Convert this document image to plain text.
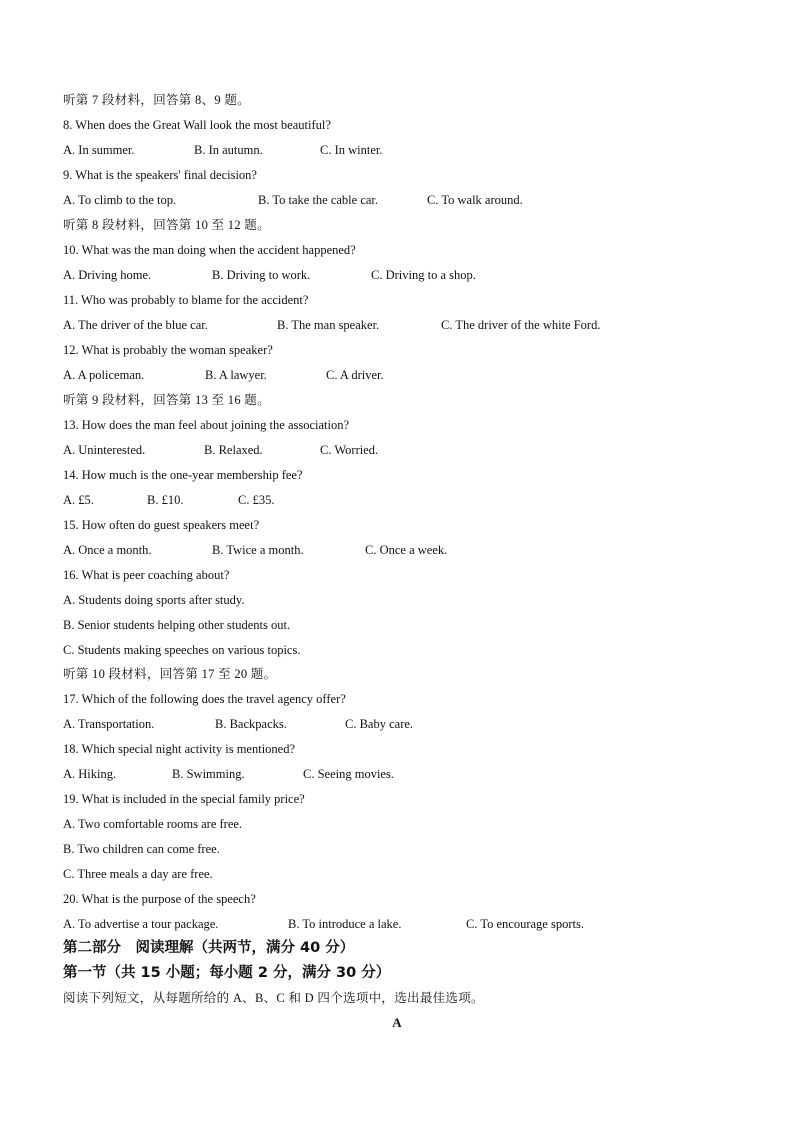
听第 7 段材料，回答第 8、9 题。
8. When does the Great Wall look the most beautiful?
A. In summer.	B. In autumn.	C. In winter.
9. What is the speakers' final decision?
A. To climb to the top.	B. To take the cable car.	C. To walk around.
听第 8 段材料，回答第 10 至 12 题。
10. What was the man doing when the accident happened?
A. Driving home.	B. Driving to work.	C. Driving to a shop.
11. Who was probably to blame for the accident?
A. The driver of the blue car.	B. The man speaker.	C. The driver of the white Ford.
12. What is probably the woman speaker?
A. A policeman.	B. A lawyer.	C. A driver.
听第 9 段材料，回答第 13 至 16 题。
13. How does the man feel about joining the association?
A. Uninterested.	B. Relaxed.	C. Worried.
14. How much is the one-year membership fee?
A. £5.	B. £10.	C. £35.
15. How often do guest speakers meet?
A. Once a month.	B. Twice a month.	C. Once a week.
16. What is peer coaching about?
A. Students doing sports after study.
B. Senior students helping other students out.
C. Students making speeches on various topics.
听第 10 段材料，回答第 17 至 20 题。
17. Which of the following does the travel agency offer?
A. Transportation.	B. Backpacks.	C. Baby care.
18. Which special night activity is mentioned?
A. Hiking.	B. Swimming.	C. Seeing movies.
19. What is included in the special family price?
A. Two comfortable rooms are free.
B. Two children can come free.
C. Three meals a day are free.
20. What is the purpose of the speech?
A. To advertise a tour package.	B. To introduce a lake.	C. To encourage sports.
第二部分　阅读理解（共两节，满分 40 分）
第一节（共 15 小题；每小题 2 分，满分 30 分）
阅读下列短文，从每题所给的 A、B、C 和 D 四个选项中，选出最佳选项。
A
